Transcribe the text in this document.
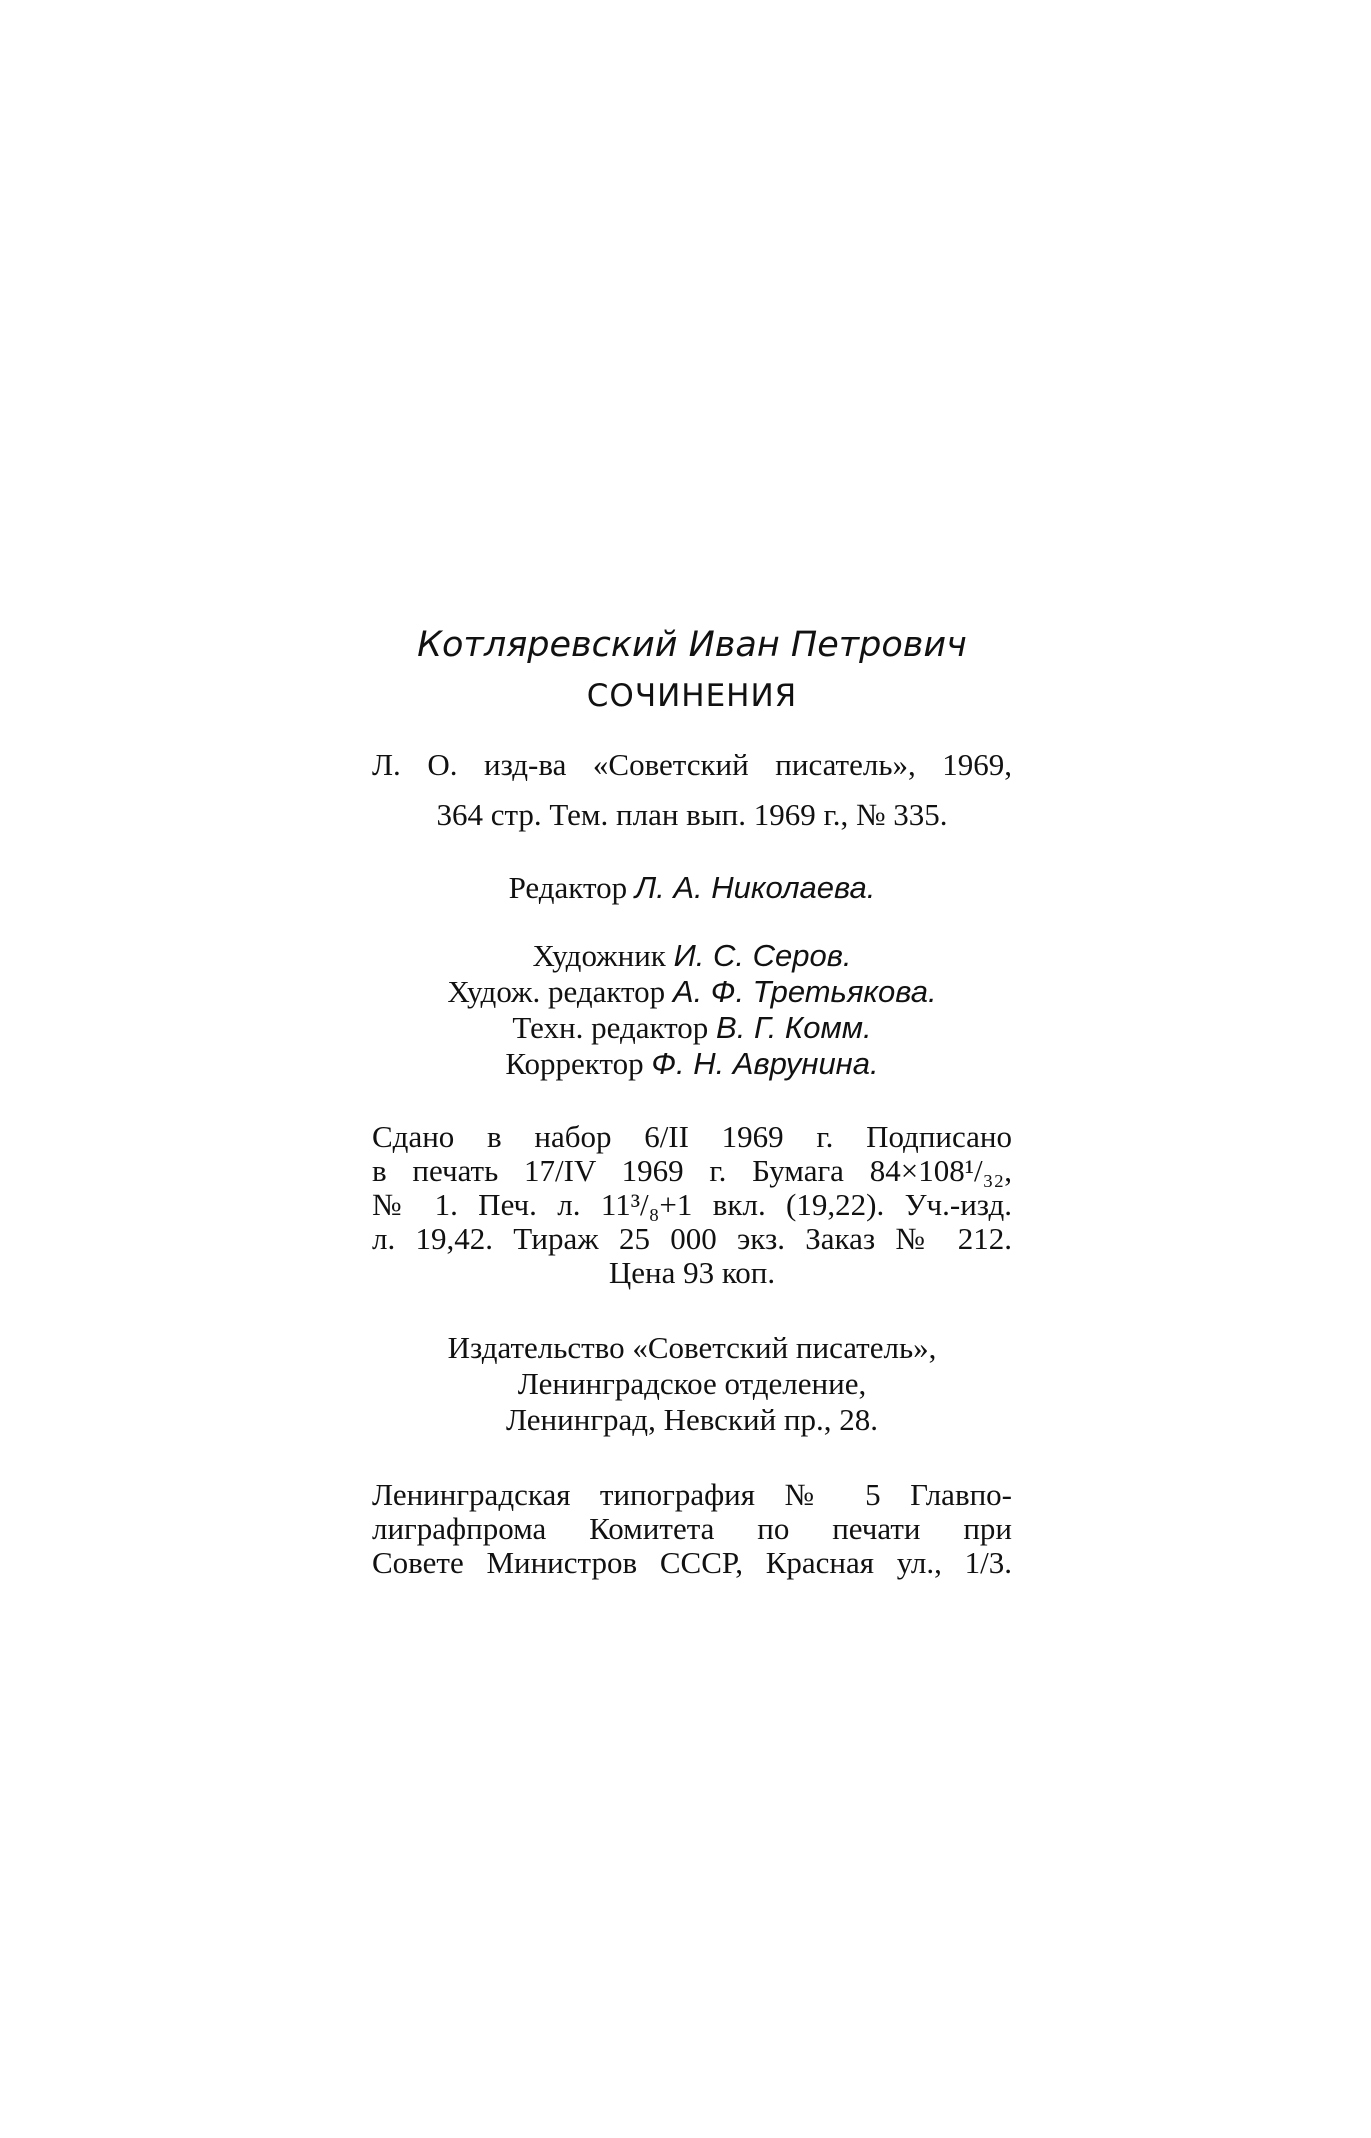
Котлярeвский Иван Петрович

СОЧИНЕНИЯ

Л. О. изд-ва «Советский писатель», 1969,

364 стр. Тем. план вып. 1969 г., № 335.

Редактор Л. А. Николаева.

Художник И. С. Серов.

Худож. редактор А. Ф. Третьякова.

Техн. редактор В. Г. Комм.

Корректор Ф. Н. Аврунина.

Сдано в набор 6/II 1969 г. Подписано

в печать 17/IV 1969 г. Бумага 84×108¹/₃₂,

№ 1. Печ. л. 11³/₈+1 вкл. (19,22). Уч.-изд.

л. 19,42. Тираж 25 000 экз. Заказ № 212.

Цена 93 коп.

Издательство «Советский писатель»,

Ленинградское отделение,

Ленинград, Невский пр., 28.

Ленинградская типография № 5 Главпо-

лиграфпрома Комитета по печати при

Совете Министров СССР, Красная ул., 1/3.
